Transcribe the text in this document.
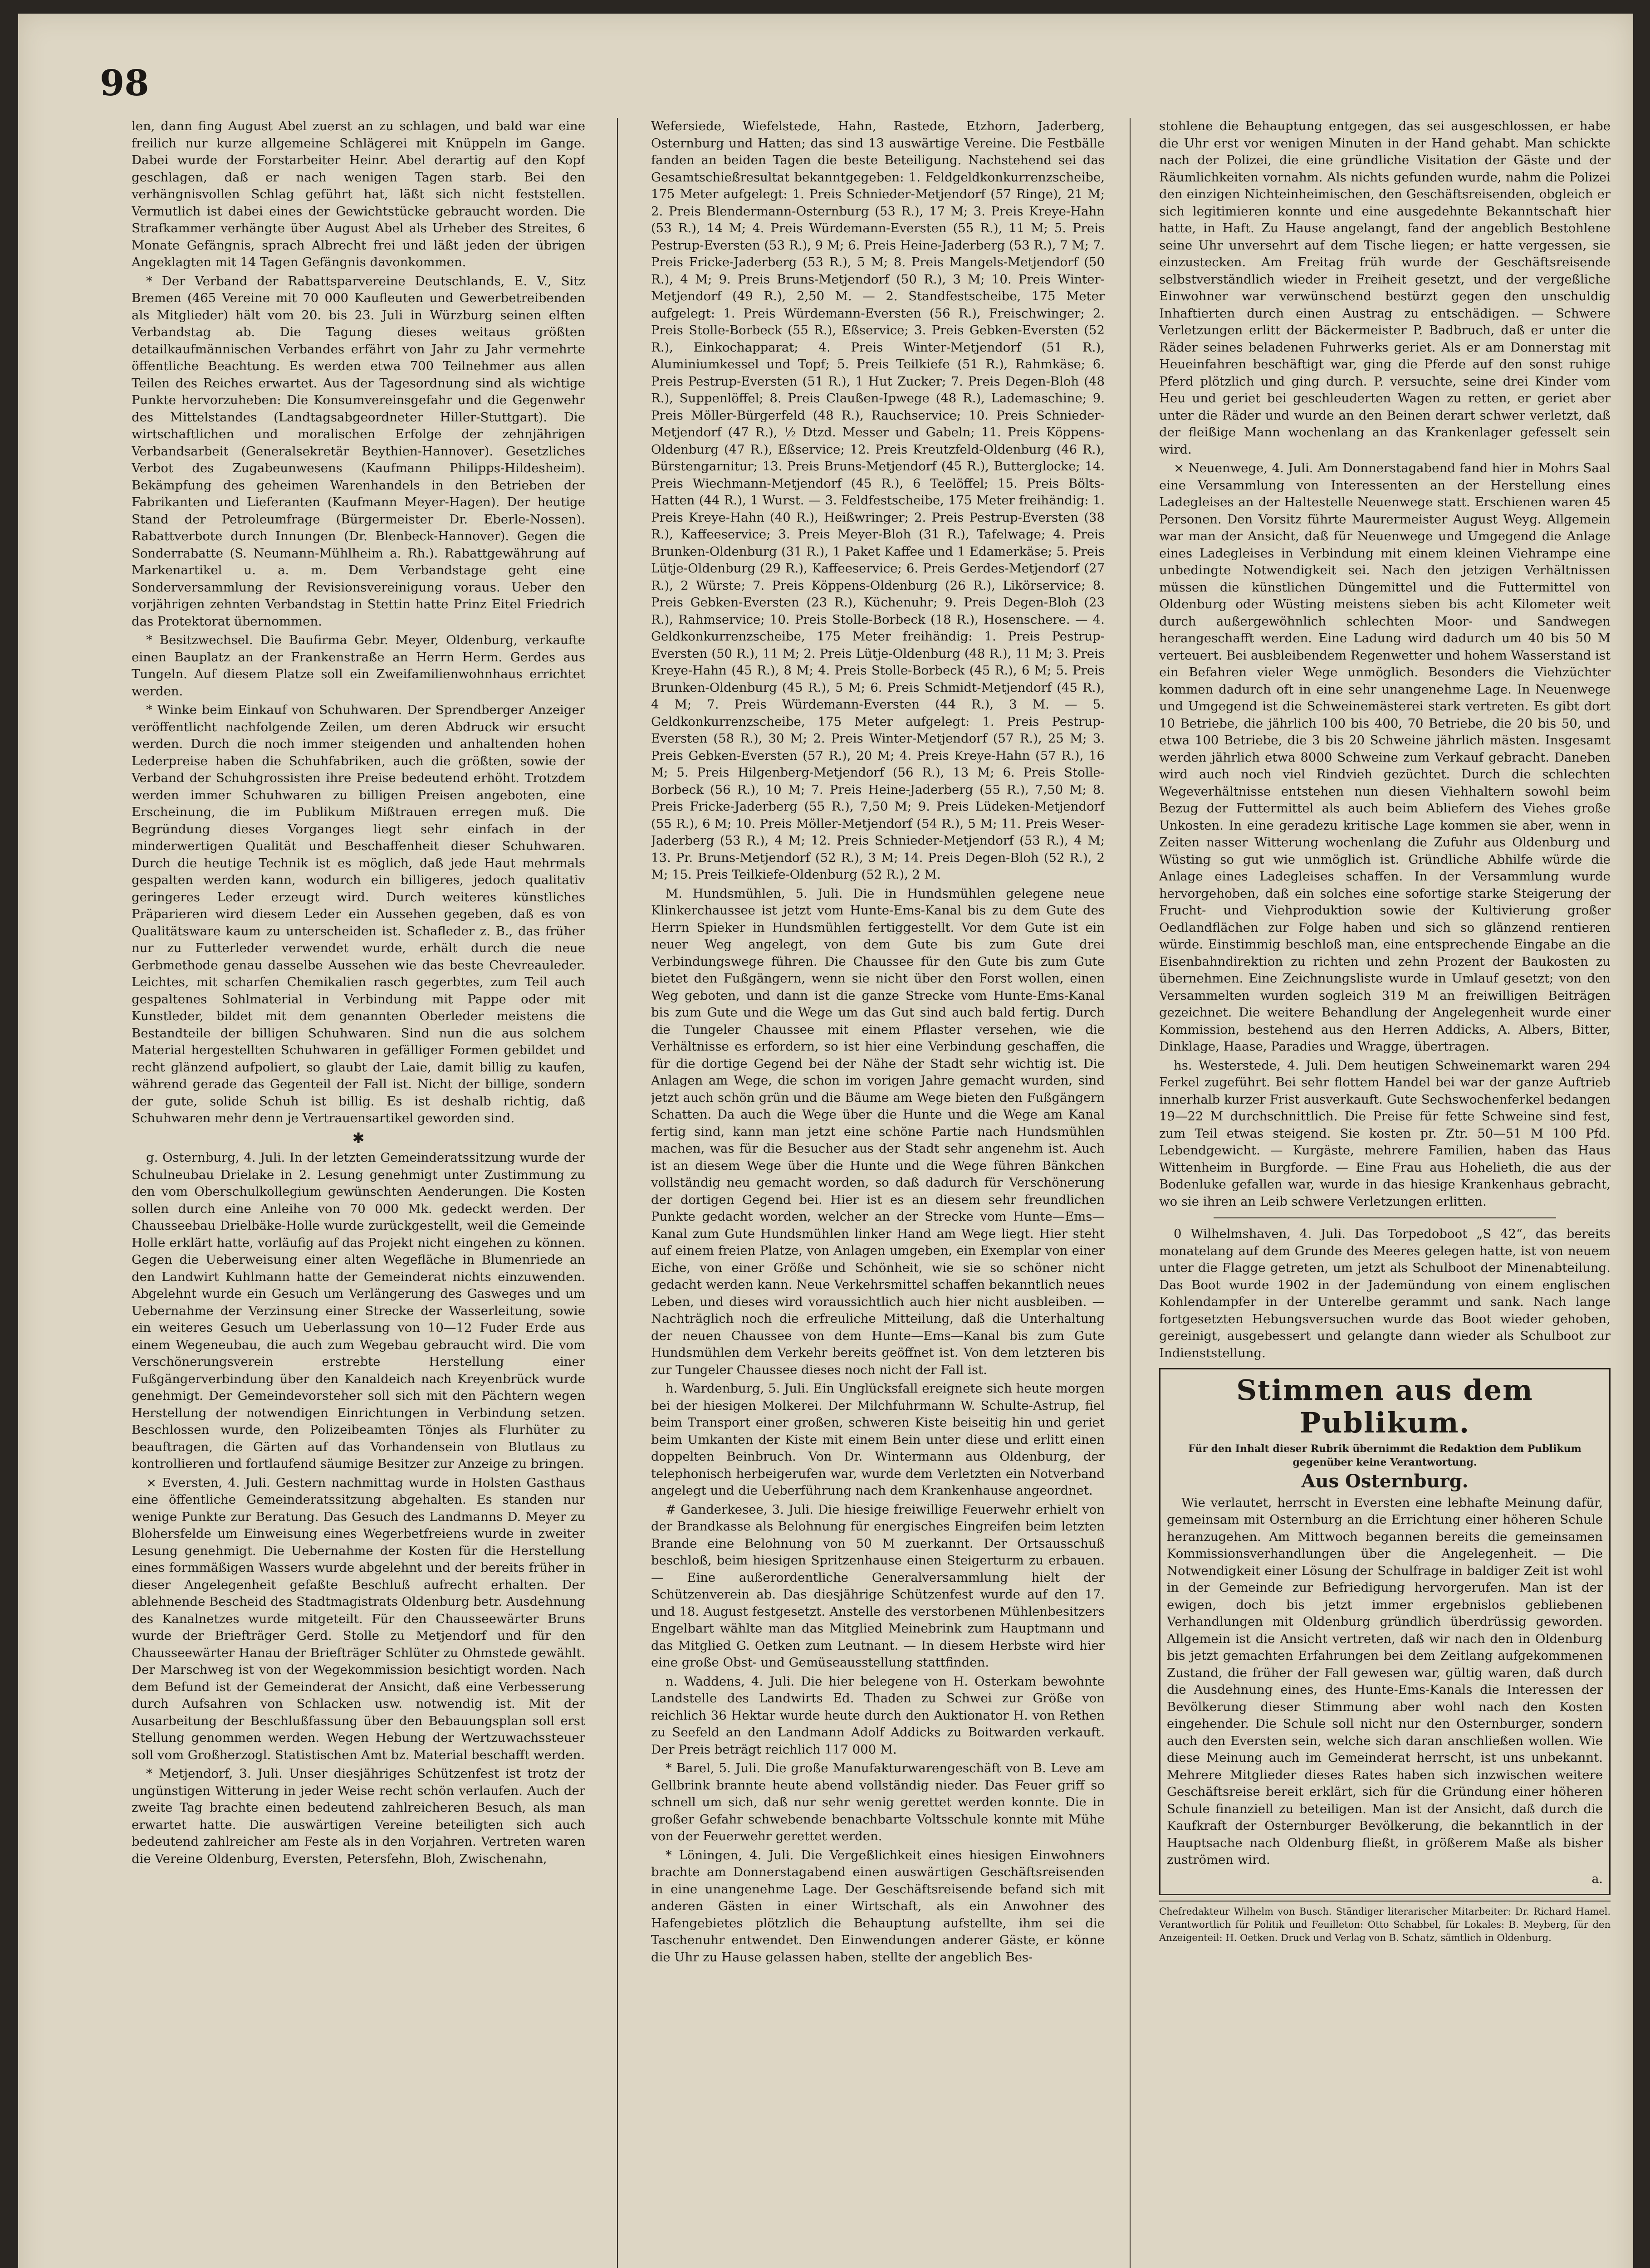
98

len, dann fing August Abel zuerst an zu schlagen, und bald war eine freilich nur kurze allgemeine Schlägerei mit Knüppeln im Gange. Dabei wurde der Forstarbeiter Heinr. Abel derartig auf den Kopf geschlagen, daß er nach wenigen Tagen starb. Bei den verhängnisvollen Schlag geführt hat, läßt sich nicht feststellen. Vermutlich ist dabei eines der Gewichtstücke gebraucht worden. Die Strafkammer verhängte über August Abel als Urheber des Streites, 6 Monate Gefängnis, sprach Albrecht frei und läßt jeden der übrigen Angeklagten mit 14 Tagen Gefängnis davonkommen.

* Der Verband der Rabattsparvereine Deutschlands, E. V., Sitz Bremen (465 Vereine mit 70 000 Kaufleuten und Gewerbetreibenden als Mitglieder) hält vom 20. bis 23. Juli in Würzburg seinen elften Verbandstag ab. Die Tagung dieses weitaus größten detailkaufmännischen Verbandes erfährt von Jahr zu Jahr vermehrte öffentliche Beachtung. Es werden etwa 700 Teilnehmer aus allen Teilen des Reiches erwartet. Aus der Tagesordnung sind als wichtige Punkte hervorzuheben: Die Konsumvereinsgefahr und die Gegenwehr des Mittelstandes (Landtagsabgeordneter Hiller-Stuttgart). Die wirtschaftlichen und moralischen Erfolge der zehnjährigen Verbandsarbeit (Generalsekretär Beythien-Hannover). Gesetzliches Verbot des Zugabeunwesens (Kaufmann Philipps-Hildesheim). Bekämpfung des geheimen Warenhandels in den Betrieben der Fabrikanten und Lieferanten (Kaufmann Meyer-Hagen). Der heutige Stand der Petroleumfrage (Bürgermeister Dr. Eberle-Nossen). Rabattverbote durch Innungen (Dr. Blenbeck-Hannover). Gegen die Sonderrabatte (S. Neumann-Mühlheim a. Rh.). Rabattgewährung auf Markenartikel u. a. m. Dem Verbandstage geht eine Sonderversammlung der Revisionsvereinigung voraus. Ueber den vorjährigen zehnten Verbandstag in Stettin hatte Prinz Eitel Friedrich das Protektorat übernommen.

* Besitzwechsel. Die Baufirma Gebr. Meyer, Oldenburg, verkaufte einen Bauplatz an der Frankenstraße an Herrn Herm. Gerdes aus Tungeln. Auf diesem Platze soll ein Zweifamilienwohnhaus errichtet werden.

* Winke beim Einkauf von Schuhwaren. Der Sprendberger Anzeiger veröffentlicht nachfolgende Zeilen, um deren Abdruck wir ersucht werden. Durch die noch immer steigenden und anhaltenden hohen Lederpreise haben die Schuhfabriken, auch die größten, sowie der Verband der Schuhgrossisten ihre Preise bedeutend erhöht. Trotzdem werden immer Schuhwaren zu billigen Preisen angeboten, eine Erscheinung, die im Publikum Mißtrauen erregen muß. Die Begründung dieses Vorganges liegt sehr einfach in der minderwertigen Qualität und Beschaffenheit dieser Schuhwaren. Durch die heutige Technik ist es möglich, daß jede Haut mehrmals gespalten werden kann, wodurch ein billigeres, jedoch qualitativ geringeres Leder erzeugt wird. Durch weiteres künstliches Präparieren wird diesem Leder ein Aussehen gegeben, daß es von Qualitätsware kaum zu unterscheiden ist. Schafleder z. B., das früher nur zu Futterleder verwendet wurde, erhält durch die neue Gerbmethode genau dasselbe Aussehen wie das beste Chevreauleder. Leichtes, mit scharfen Chemikalien rasch gegerbtes, zum Teil auch gespaltenes Sohlmaterial in Verbindung mit Pappe oder mit Kunstleder, bildet mit dem genannten Oberleder meistens die Bestandteile der billigen Schuhwaren. Sind nun die aus solchem Material hergestellten Schuhwaren in gefälliger Formen gebildet und recht glänzend aufpoliert, so glaubt der Laie, damit billig zu kaufen, während gerade das Gegenteil der Fall ist. Nicht der billige, sondern der gute, solide Schuh ist billig. Es ist deshalb richtig, daß Schuhwaren mehr denn je Vertrauensartikel geworden sind.

✱

g. Osternburg, 4. Juli. In der letzten Gemeinderatssitzung wurde der Schulneubau Drielake in 2. Lesung genehmigt unter Zustimmung zu den vom Oberschulkollegium gewünschten Aenderungen. Die Kosten sollen durch eine Anleihe von 70 000 Mk. gedeckt werden. Der Chausseebau Drielbäke-Holle wurde zurückgestellt, weil die Gemeinde Holle erklärt hatte, vorläufig auf das Projekt nicht eingehen zu können. Gegen die Ueberweisung einer alten Wegefläche in Blumenriede an den Landwirt Kuhlmann hatte der Gemeinderat nichts einzuwenden. Abgelehnt wurde ein Gesuch um Verlängerung des Gasweges und um Uebernahme der Verzinsung einer Strecke der Wasserleitung, sowie ein weiteres Gesuch um Ueberlassung von 10—12 Fuder Erde aus einem Wegeneubau, die auch zum Wegebau gebraucht wird. Die vom Verschönerungsverein erstrebte Herstellung einer Fußgängerverbindung über den Kanaldeich nach Kreyenbrück wurde genehmigt. Der Gemeindevorsteher soll sich mit den Pächtern wegen Herstellung der notwendigen Einrichtungen in Verbindung setzen. Beschlossen wurde, den Polizeibeamten Tönjes als Flurhüter zu beauftragen, die Gärten auf das Vorhandensein von Blutlaus zu kontrollieren und fortlaufend säumige Besitzer zur Anzeige zu bringen.

× Eversten, 4. Juli. Gestern nachmittag wurde in Holsten Gasthaus eine öffentliche Gemeinderatssitzung abgehalten. Es standen nur wenige Punkte zur Beratung. Das Gesuch des Landmanns D. Meyer zu Blohersfelde um Einweisung eines Wegerbetfreiens wurde in zweiter Lesung genehmigt. Die Uebernahme der Kosten für die Herstellung eines formmäßigen Wassers wurde abgelehnt und der bereits früher in dieser Angelegenheit gefaßte Beschluß aufrecht erhalten. Der ablehnende Bescheid des Stadtmagistrats Oldenburg betr. Ausdehnung des Kanalnetzes wurde mitgeteilt. Für den Chausseewärter Bruns wurde der Briefträger Gerd. Stolle zu Metjendorf und für den Chausseewärter Hanau der Briefträger Schlüter zu Ohmstede gewählt. Der Marschweg ist von der Wegekommission besichtigt worden. Nach dem Befund ist der Gemeinderat der Ansicht, daß eine Verbesserung durch Aufsahren von Schlacken usw. notwendig ist. Mit der Ausarbeitung der Beschlußfassung über den Bebauungsplan soll erst Stellung genommen werden. Wegen Hebung der Wertzuwachssteuer soll vom Großherzogl. Statistischen Amt bz. Material beschafft werden.

* Metjendorf, 3. Juli. Unser diesjähriges Schützenfest ist trotz der ungünstigen Witterung in jeder Weise recht schön verlaufen. Auch der zweite Tag brachte einen bedeutend zahlreicheren Besuch, als man erwartet hatte. Die auswärtigen Vereine beteiligten sich auch bedeutend zahlreicher am Feste als in den Vorjahren. Vertreten waren die Vereine Oldenburg, Eversten, Petersfehn, Bloh, Zwischenahn,

Wefersiede, Wiefelstede, Hahn, Rastede, Etzhorn, Jaderberg, Osternburg und Hatten; das sind 13 auswärtige Vereine. Die Festbälle fanden an beiden Tagen die beste Beteiligung. Nachstehend sei das Gesamtschießresultat bekanntgegeben: 1. Feldgeldkonkurrenzscheibe, 175 Meter aufgelegt: 1. Preis Schnieder-Metjendorf (57 Ringe), 21 M; 2. Preis Blendermann-Osternburg (53 R.), 17 M; 3. Preis Kreye-Hahn (53 R.), 14 M; 4. Preis Würdemann-Eversten (55 R.), 11 M; 5. Preis Pestrup-Eversten (53 R.), 9 M; 6. Preis Heine-Jaderberg (53 R.), 7 M; 7. Preis Fricke-Jaderberg (53 R.), 5 M; 8. Preis Mangels-Metjendorf (50 R.), 4 M; 9. Preis Bruns-Metjendorf (50 R.), 3 M; 10. Preis Winter-Metjendorf (49 R.), 2,50 M. — 2. Standfestscheibe, 175 Meter aufgelegt: 1. Preis Würdemann-Eversten (56 R.), Freischwinger; 2. Preis Stolle-Borbeck (55 R.), Eßservice; 3. Preis Gebken-Eversten (52 R.), Einkochapparat; 4. Preis Winter-Metjendorf (51 R.), Aluminiumkessel und Topf; 5. Preis Teilkiefe (51 R.), Rahmkäse; 6. Preis Pestrup-Eversten (51 R.), 1 Hut Zucker; 7. Preis Degen-Bloh (48 R.), Suppenlöffel; 8. Preis Claußen-Ipwege (48 R.), Lademaschine; 9. Preis Möller-Bürgerfeld (48 R.), Rauchservice; 10. Preis Schnieder-Metjendorf (47 R.), ½ Dtzd. Messer und Gabeln; 11. Preis Köppens-Oldenburg (47 R.), Eßservice; 12. Preis Kreutzfeld-Oldenburg (46 R.), Bürstengarnitur; 13. Preis Bruns-Metjendorf (45 R.), Butterglocke; 14. Preis Wiechmann-Metjendorf (45 R.), 6 Teelöffel; 15. Preis Bölts-Hatten (44 R.), 1 Wurst. — 3. Feldfestscheibe, 175 Meter freihändig: 1. Preis Kreye-Hahn (40 R.), Heißwringer; 2. Preis Pestrup-Eversten (38 R.), Kaffeeservice; 3. Preis Meyer-Bloh (31 R.), Tafelwage; 4. Preis Brunken-Oldenburg (31 R.), 1 Paket Kaffee und 1 Edamerkäse; 5. Preis Lütje-Oldenburg (29 R.), Kaffeeservice; 6. Preis Gerdes-Metjendorf (27 R.), 2 Würste; 7. Preis Köppens-Oldenburg (26 R.), Likörservice; 8. Preis Gebken-Eversten (23 R.), Küchenuhr; 9. Preis Degen-Bloh (23 R.), Rahmservice; 10. Preis Stolle-Borbeck (18 R.), Hosenschere. — 4. Geldkonkurrenzscheibe, 175 Meter freihändig: 1. Preis Pestrup-Eversten (50 R.), 11 M; 2. Preis Lütje-Oldenburg (48 R.), 11 M; 3. Preis Kreye-Hahn (45 R.), 8 M; 4. Preis Stolle-Borbeck (45 R.), 6 M; 5. Preis Brunken-Oldenburg (45 R.), 5 M; 6. Preis Schmidt-Metjendorf (45 R.), 4 M; 7. Preis Würdemann-Eversten (44 R.), 3 M. — 5. Geldkonkurrenzscheibe, 175 Meter aufgelegt: 1. Preis Pestrup-Eversten (58 R.), 30 M; 2. Preis Winter-Metjendorf (57 R.), 25 M; 3. Preis Gebken-Eversten (57 R.), 20 M; 4. Preis Kreye-Hahn (57 R.), 16 M; 5. Preis Hilgenberg-Metjendorf (56 R.), 13 M; 6. Preis Stolle-Borbeck (56 R.), 10 M; 7. Preis Heine-Jaderberg (55 R.), 7,50 M; 8. Preis Fricke-Jaderberg (55 R.), 7,50 M; 9. Preis Lüdeken-Metjendorf (55 R.), 6 M; 10. Preis Möller-Metjendorf (54 R.), 5 M; 11. Preis Weser-Jaderberg (53 R.), 4 M; 12. Preis Schnieder-Metjendorf (53 R.), 4 M; 13. Pr. Bruns-Metjendorf (52 R.), 3 M; 14. Preis Degen-Bloh (52 R.), 2 M; 15. Preis Teilkiefe-Oldenburg (52 R.), 2 M.

M. Hundsmühlen, 5. Juli. Die in Hundsmühlen gelegene neue Klinkerchaussee ist jetzt vom Hunte-Ems-Kanal bis zu dem Gute des Herrn Spieker in Hundsmühlen fertiggestellt. Vor dem Gute ist ein neuer Weg angelegt, von dem Gute bis zum Gute drei Verbindungswege führen. Die Chaussee für den Gute bis zum Gute bietet den Fußgängern, wenn sie nicht über den Forst wollen, einen Weg geboten, und dann ist die ganze Strecke vom Hunte-Ems-Kanal bis zum Gute und die Wege um das Gut sind auch bald fertig. Durch die Tungeler Chaussee mit einem Pflaster versehen, wie die Verhältnisse es erfordern, so ist hier eine Verbindung geschaffen, die für die dortige Gegend bei der Nähe der Stadt sehr wichtig ist. Die Anlagen am Wege, die schon im vorigen Jahre gemacht wurden, sind jetzt auch schön grün und die Bäume am Wege bieten den Fußgängern Schatten. Da auch die Wege über die Hunte und die Wege am Kanal fertig sind, kann man jetzt eine schöne Partie nach Hundsmühlen machen, was für die Besucher aus der Stadt sehr angenehm ist. Auch ist an diesem Wege über die Hunte und die Wege führen Bänkchen vollständig neu gemacht worden, so daß dadurch für Verschönerung der dortigen Gegend bei. Hier ist es an diesem sehr freundlichen Punkte gedacht worden, welcher an der Strecke vom Hunte—Ems—Kanal zum Gute Hundsmühlen linker Hand am Wege liegt. Hier steht auf einem freien Platze, von Anlagen umgeben, ein Exemplar von einer Eiche, von einer Größe und Schönheit, wie sie so schöner nicht gedacht werden kann. Neue Verkehrsmittel schaffen bekanntlich neues Leben, und dieses wird voraussichtlich auch hier nicht ausbleiben. — Nachträglich noch die erfreuliche Mitteilung, daß die Unterhaltung der neuen Chaussee von dem Hunte—Ems—Kanal bis zum Gute Hundsmühlen dem Verkehr bereits geöffnet ist. Von dem letzteren bis zur Tungeler Chaussee dieses noch nicht der Fall ist.

h. Wardenburg, 5. Juli. Ein Unglücksfall ereignete sich heute morgen bei der hiesigen Molkerei. Der Milchfuhrmann W. Schulte-Astrup, fiel beim Transport einer großen, schweren Kiste beiseitig hin und geriet beim Umkanten der Kiste mit einem Bein unter diese und erlitt einen doppelten Beinbruch. Von Dr. Wintermann aus Oldenburg, der telephonisch herbeigerufen war, wurde dem Verletzten ein Notverband angelegt und die Ueberführung nach dem Krankenhause angeordnet.

# Ganderkesee, 3. Juli. Die hiesige freiwillige Feuerwehr erhielt von der Brandkasse als Belohnung für energisches Eingreifen beim letzten Brande eine Belohnung von 50 M zuerkannt. Der Ortsausschuß beschloß, beim hiesigen Spritzenhause einen Steigerturm zu erbauen. — Eine außerordentliche Generalversammlung hielt der Schützenverein ab. Das diesjährige Schützenfest wurde auf den 17. und 18. August festgesetzt. Anstelle des verstorbenen Mühlenbesitzers Engelbart wählte man das Mitglied Meinebrink zum Hauptmann und das Mitglied G. Oetken zum Leutnant. — In diesem Herbste wird hier eine große Obst- und Gemüseausstellung stattfinden.

n. Waddens, 4. Juli. Die hier belegene von H. Osterkam bewohnte Landstelle des Landwirts Ed. Thaden zu Schwei zur Größe von reichlich 36 Hektar wurde heute durch den Auktionator H. von Rethen zu Seefeld an den Landmann Adolf Addicks zu Boitwarden verkauft. Der Preis beträgt reichlich 117 000 M.

* Barel, 5. Juli. Die große Manufakturwarengeschäft von B. Leve am Gellbrink brannte heute abend vollständig nieder. Das Feuer griff so schnell um sich, daß nur sehr wenig gerettet werden konnte. Die in großer Gefahr schwebende benachbarte Voltsschule konnte mit Mühe von der Feuerwehr gerettet werden.

* Löningen, 4. Juli. Die Vergeßlichkeit eines hiesigen Einwohners brachte am Donnerstagabend einen auswärtigen Geschäftsreisenden in eine unangenehme Lage. Der Geschäftsreisende befand sich mit anderen Gästen in einer Wirtschaft, als ein Anwohner des Hafengebietes plötzlich die Behauptung aufstellte, ihm sei die Taschenuhr entwendet. Den Einwendungen anderer Gäste, er könne die Uhr zu Hause gelassen haben, stellte der angeblich Bes-

stohlene die Behauptung entgegen, das sei ausgeschlossen, er habe die Uhr erst vor wenigen Minuten in der Hand gehabt. Man schickte nach der Polizei, die eine gründliche Visitation der Gäste und der Räumlichkeiten vornahm. Als nichts gefunden wurde, nahm die Polizei den einzigen Nichteinheimischen, den Geschäftsreisenden, obgleich er sich legitimieren konnte und eine ausgedehnte Bekanntschaft hier hatte, in Haft. Zu Hause angelangt, fand der angeblich Bestohlene seine Uhr unversehrt auf dem Tische liegen; er hatte vergessen, sie einzustecken. Am Freitag früh wurde der Geschäftsreisende selbstverständlich wieder in Freiheit gesetzt, und der vergeßliche Einwohner war verwünschend bestürzt gegen den unschuldig Inhaftierten durch einen Austrag zu entschädigen. — Schwere Verletzungen erlitt der Bäckermeister P. Badbruch, daß er unter die Räder seines beladenen Fuhrwerks geriet. Als er am Donnerstag mit Heueinfahren beschäftigt war, ging die Pferde auf den sonst ruhige Pferd plötzlich und ging durch. P. versuchte, seine drei Kinder vom Heu und geriet bei geschleuderten Wagen zu retten, er geriet aber unter die Räder und wurde an den Beinen derart schwer verletzt, daß der fleißige Mann wochenlang an das Krankenlager gefesselt sein wird.

× Neuenwege, 4. Juli. Am Donnerstagabend fand hier in Mohrs Saal eine Versammlung von Interessenten an der Herstellung eines Ladegleises an der Haltestelle Neuenwege statt. Erschienen waren 45 Personen. Den Vorsitz führte Maurermeister August Weyg. Allgemein war man der Ansicht, daß für Neuenwege und Umgegend die Anlage eines Ladegleises in Verbindung mit einem kleinen Viehrampe eine unbedingte Notwendigkeit sei. Nach den jetzigen Verhältnissen müssen die künstlichen Düngemittel und die Futtermittel von Oldenburg oder Wüsting meistens sieben bis acht Kilometer weit durch außergewöhnlich schlechten Moor- und Sandwegen herangeschafft werden. Eine Ladung wird dadurch um 40 bis 50 M verteuert. Bei ausbleibendem Regenwetter und hohem Wasserstand ist ein Befahren vieler Wege unmöglich. Besonders die Viehzüchter kommen dadurch oft in eine sehr unangenehme Lage. In Neuenwege und Umgegend ist die Schweinemästerei stark vertreten. Es gibt dort 10 Betriebe, die jährlich 100 bis 400, 70 Betriebe, die 20 bis 50, und etwa 100 Betriebe, die 3 bis 20 Schweine jährlich mästen. Insgesamt werden jährlich etwa 8000 Schweine zum Verkauf gebracht. Daneben wird auch noch viel Rindvieh gezüchtet. Durch die schlechten Wegeverhältnisse entstehen nun diesen Viehhaltern sowohl beim Bezug der Futtermittel als auch beim Abliefern des Viehes große Unkosten. In eine geradezu kritische Lage kommen sie aber, wenn in Zeiten nasser Witterung wochenlang die Zufuhr aus Oldenburg und Wüsting so gut wie unmöglich ist. Gründliche Abhilfe würde die Anlage eines Ladegleises schaffen. In der Versammlung wurde hervorgehoben, daß ein solches eine sofortige starke Steigerung der Frucht- und Viehproduktion sowie der Kultivierung großer Oedlandflächen zur Folge haben und sich so glänzend rentieren würde. Einstimmig beschloß man, eine entsprechende Eingabe an die Eisenbahndirektion zu richten und zehn Prozent der Baukosten zu übernehmen. Eine Zeichnungsliste wurde in Umlauf gesetzt; von den Versammelten wurden sogleich 319 M an freiwilligen Beiträgen gezeichnet. Die weitere Behandlung der Angelegenheit wurde einer Kommission, bestehend aus den Herren Addicks, A. Albers, Bitter, Dinklage, Haase, Paradies und Wragge, übertragen.

hs. Westerstede, 4. Juli. Dem heutigen Schweinemarkt waren 294 Ferkel zugeführt. Bei sehr flottem Handel bei war der ganze Auftrieb innerhalb kurzer Frist ausverkauft. Gute Sechswochenferkel bedangen 19—22 M durchschnittlich. Die Preise für fette Schweine sind fest, zum Teil etwas steigend. Sie kosten pr. Ztr. 50—51 M 100 Pfd. Lebendgewicht. — Kurgäste, mehrere Familien, haben das Haus Wittenheim in Burgforde. — Eine Frau aus Hohelieth, die aus der Bodenluke gefallen war, wurde in das hiesige Krankenhaus gebracht, wo sie ihren an Leib schwere Verletzungen erlitten.

0 Wilhelmshaven, 4. Juli. Das Torpedoboot „S 42“, das bereits monatelang auf dem Grunde des Meeres gelegen hatte, ist von neuem unter die Flagge getreten, um jetzt als Schulboot der Minenabteilung. Das Boot wurde 1902 in der Jademündung von einem englischen Kohlendampfer in der Unterelbe gerammt und sank. Nach lange fortgesetzten Hebungsversuchen wurde das Boot wieder gehoben, gereinigt, ausgebessert und gelangte dann wieder als Schulboot zur Indienststellung.

Stimmen aus dem Publikum.
Für den Inhalt dieser Rubrik übernimmt die Redaktion dem Publikum gegenüber keine Verantwortung.
Aus Osternburg.

Wie verlautet, herrscht in Eversten eine lebhafte Meinung dafür, gemeinsam mit Osternburg an die Errichtung einer höheren Schule heranzugehen. Am Mittwoch begannen bereits die gemeinsamen Kommissionsverhandlungen über die Angelegenheit. — Die Notwendigkeit einer Lösung der Schulfrage in baldiger Zeit ist wohl in der Gemeinde zur Befriedigung hervorgerufen. Man ist der ewigen, doch bis jetzt immer ergebnislos gebliebenen Verhandlungen mit Oldenburg gründlich überdrüssig geworden. Allgemein ist die Ansicht vertreten, daß wir nach den in Oldenburg bis jetzt gemachten Erfahrungen bei dem Zeitlang aufgekommenen Zustand, die früher der Fall gewesen war, gültig waren, daß durch die Ausdehnung eines, des Hunte-Ems-Kanals die Interessen der Bevölkerung dieser Stimmung aber wohl nach den Kosten eingehender. Die Schule soll nicht nur den Osternburger, sondern auch den Eversten sein, welche sich daran anschließen wollen. Wie diese Meinung auch im Gemeinderat herrscht, ist uns unbekannt. Mehrere Mitglieder dieses Rates haben sich inzwischen weitere Geschäftsreise bereit erklärt, sich für die Gründung einer höheren Schule finanziell zu beteiligen. Man ist der Ansicht, daß durch die Kaufkraft der Osternburger Bevölkerung, die bekanntlich in der Hauptsache nach Oldenburg fließt, in größerem Maße als bisher zuströmen wird.

a.
Chefredakteur Wilhelm von Busch. Ständiger literarischer Mitarbeiter: Dr. Richard Hamel. Verantwortlich für Politik und Feuilleton: Otto Schabbel, für Lokales: B. Meyberg, für den Anzeigenteil: H. Oetken. Druck und Verlag von B. Schatz, sämtlich in Oldenburg.
